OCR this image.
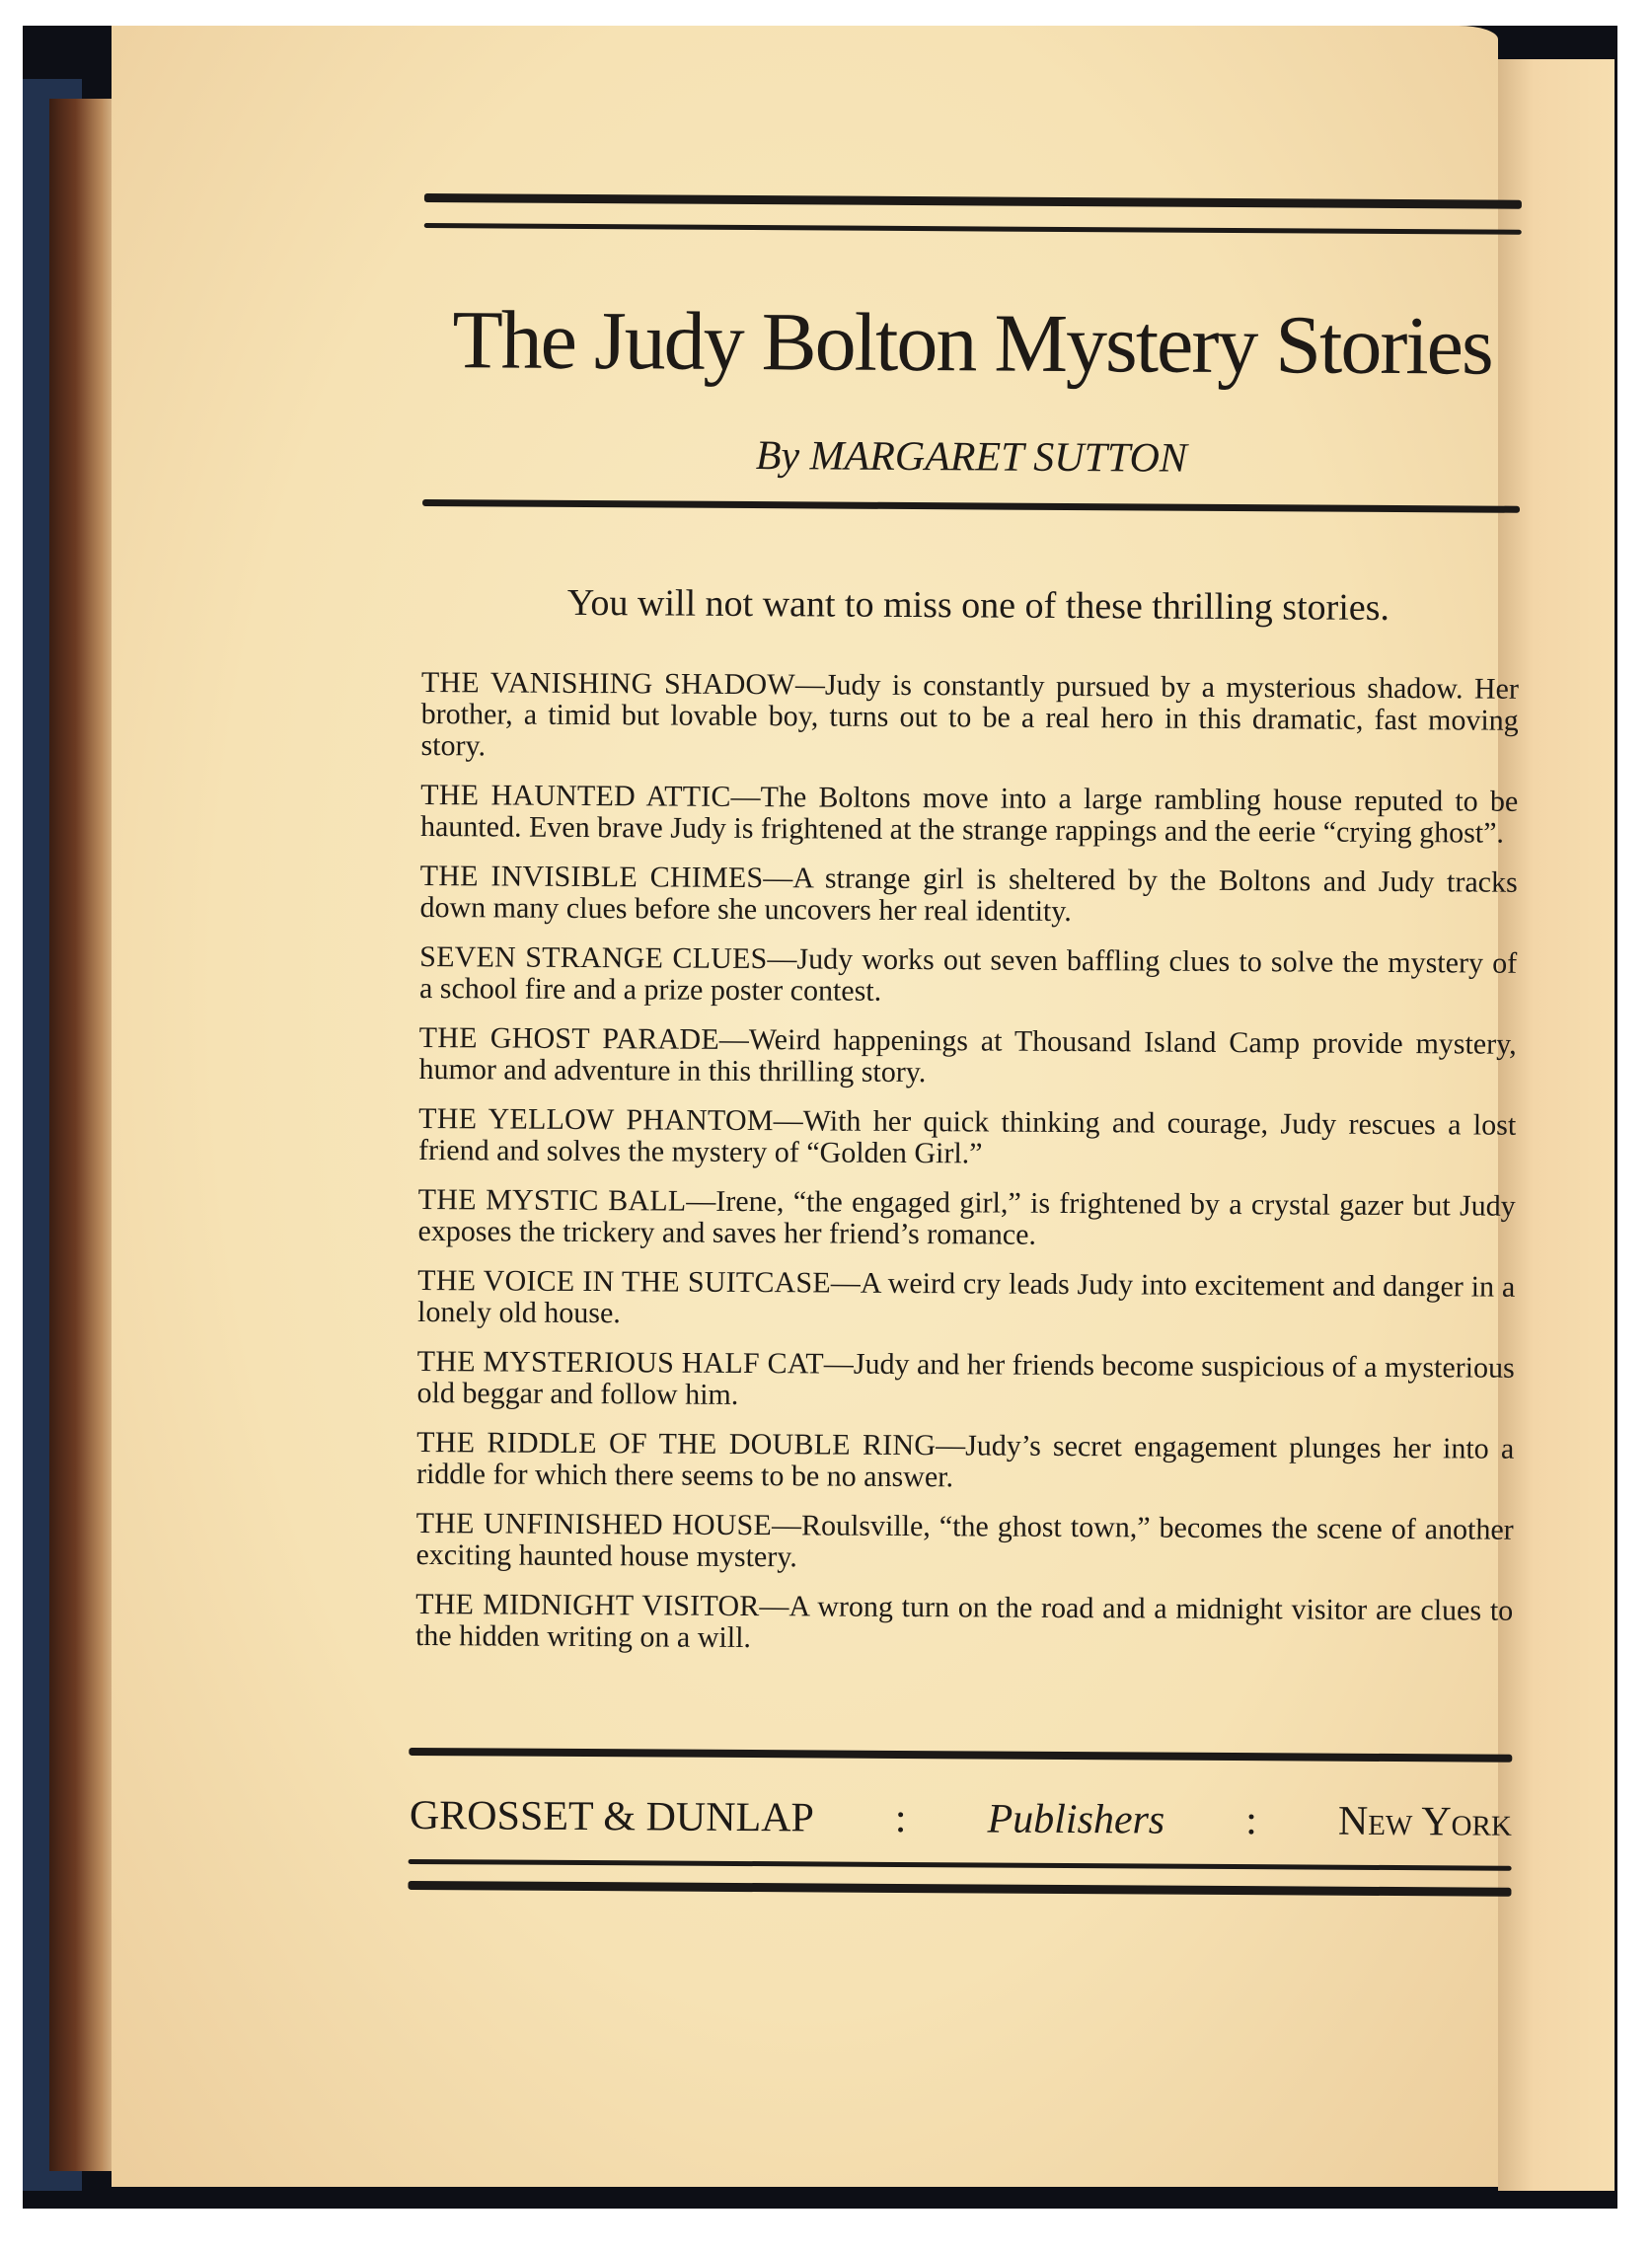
The Judy Bolton Mystery Stories
By MARGARET SUTTON
You will not want to miss one of these thrilling stories.
THE VANISHING SHADOW—Judy is constantly pursued by a mysterious shadow. Her brother, a timid but lovable boy, turns out to be a real hero in this dramatic, fast moving story.
THE HAUNTED ATTIC—The Boltons move into a large rambling house reputed to be haunted. Even brave Judy is frightened at the strange rappings and the eerie “crying ghost”.
THE INVISIBLE CHIMES—A strange girl is sheltered by the Boltons and Judy tracks down many clues before she uncovers her real identity.
SEVEN STRANGE CLUES—Judy works out seven baffling clues to solve the mystery of a school fire and a prize poster contest.
THE GHOST PARADE—Weird happenings at Thousand Island Camp provide mystery, humor and adventure in this thrilling story.
THE YELLOW PHANTOM—With her quick thinking and courage, Judy rescues a lost friend and solves the mystery of “Golden Girl.”
THE MYSTIC BALL—Irene, “the engaged girl,” is frightened by a crystal gazer but Judy exposes the trickery and saves her friend’s romance.
THE VOICE IN THE SUITCASE—A weird cry leads Judy into excitement and danger in a lonely old house.
THE MYSTERIOUS HALF CAT—Judy and her friends become suspicious of a mysterious old beggar and follow him.
THE RIDDLE OF THE DOUBLE RING—Judy’s secret engagement plunges her into a riddle for which there seems to be no answer.
THE UNFINISHED HOUSE—Roulsville, “the ghost town,” becomes the scene of another exciting haunted house mystery.
THE MIDNIGHT VISITOR—A wrong turn on the road and a midnight visitor are clues to the hidden writing on a will.
GROSSET & DUNLAP : Publishers : New York
